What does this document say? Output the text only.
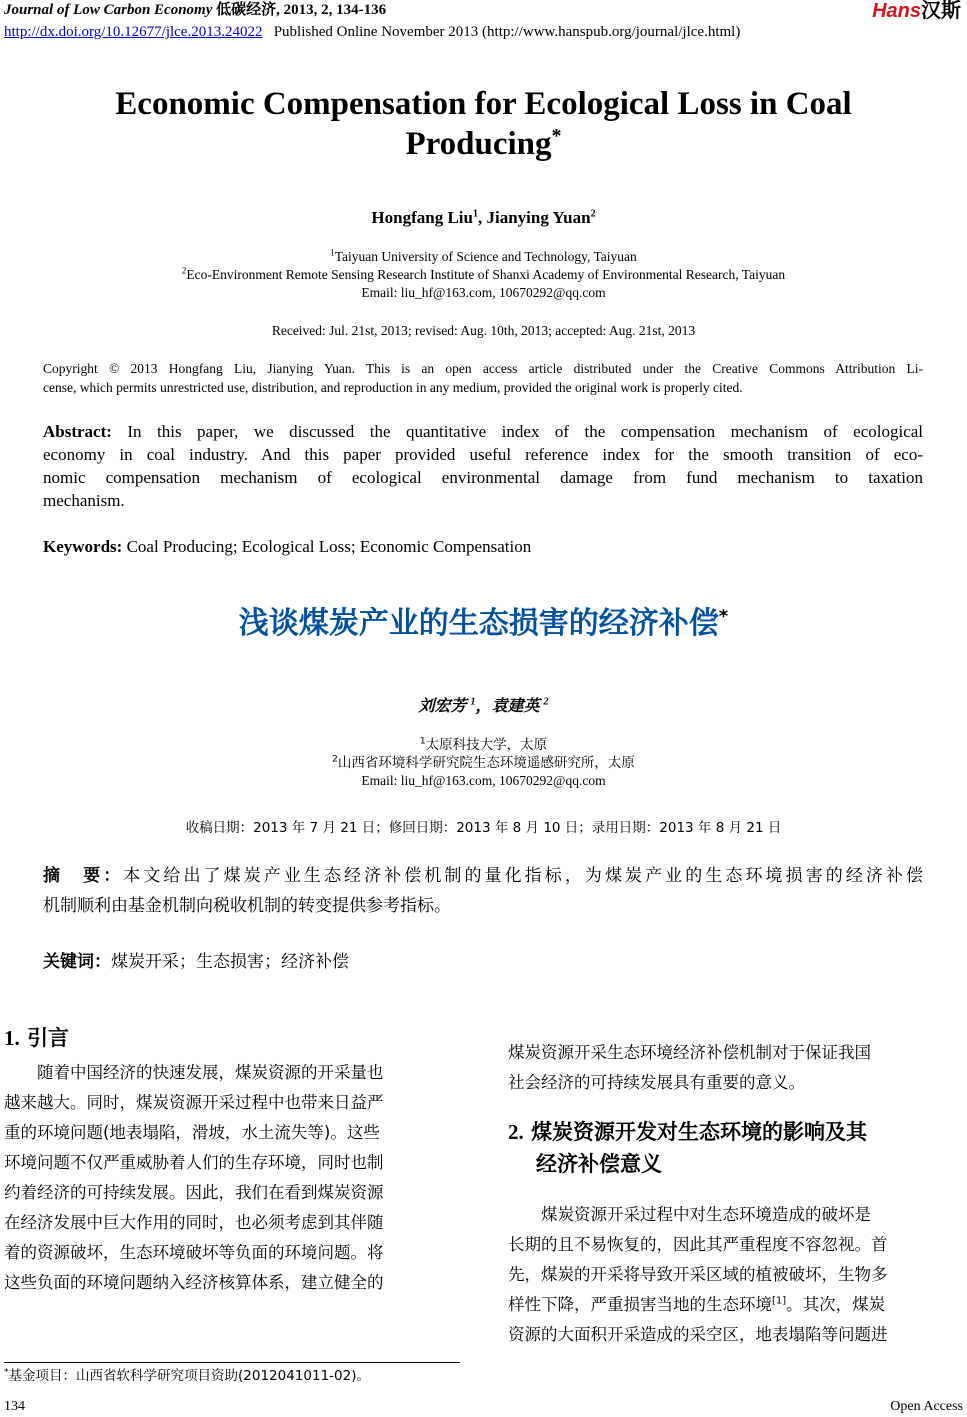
Journal of Low Carbon Economy 低碳经济, 2013, 2, 134-136	Hans汉斯
http://dx.doi.org/10.12677/jlce.2013.24022 Published Online November 2013 (http://www.hanspub.org/journal/jlce.html)
Economic Compensation for Ecological Loss in Coal
Producing*
Hongfang Liu$^1$, Jianying Yuan$^2$
$^1$Taiyuan University of Science and Technology, Taiyuan
$^2$Eco-Environment Remote Sensing Research Institute of Shanxi Academy of Environmental Research, Taiyuan
Email: liu_hf@163.com, 10670292@qq.com
Received: Jul. 21st, 2013; revised: Aug. 10th, 2013; accepted: Aug. 21st, 2013
Copyright © 2013 Hongfang Liu, Jianying Yuan. This is an open access article distributed under the Creative Commons Attribution Li-
cense, which permits unrestricted use, distribution, and reproduction in any medium, provided the original work is properly cited.
Abstract: In this paper, we discussed the quantitative index of the compensation mechanism of ecological
economy in coal industry. And this paper provided useful reference index for the smooth transition of eco-
nomic compensation mechanism of ecological environmental damage from fund mechanism to taxation
mechanism.
Keywords: Coal Producing; Ecological Loss; Economic Compensation
浅谈煤炭产业的生态损害的经济补偿*
刘宏芳 $^1$，袁建英 $^2$
$^1$太原科技大学，太原
$^2$山西省环境科学研究院生态环境遥感研究所，太原
Email: liu_hf@163.com, 10670292@qq.com
收稿日期：2013 年 7 月 21 日；修回日期：2013 年 8 月 10 日；录用日期：2013 年 8 月 21 日
摘　要：本文给出了煤炭产业生态经济补偿机制的量化指标，为煤炭产业的生态环境损害的经济补偿
机制顺利由基金机制向税收机制的转变提供参考指标。
关键词：煤炭开采；生态损害；经济补偿
1. 引言
　　随着中国经济的快速发展，煤炭资源的开采量也
越来越大。同时，煤炭资源开采过程中也带来日益严
重的环境问题(地表塌陷，滑坡，水土流失等)。这些
环境问题不仅严重威胁着人们的生存环境，同时也制
约着经济的可持续发展。因此，我们在看到煤炭资源
在经济发展中巨大作用的同时，也必须考虑到其伴随
着的资源破坏，生态环境破坏等负面的环境问题。将
这些负面的环境问题纳入经济核算体系，建立健全的
*基金项目：山西省软科学研究项目资助(2012041011-02)。
煤炭资源开采生态环境经济补偿机制对于保证我国
社会经济的可持续发展具有重要的意义。
2. 煤炭资源开发对生态环境的影响及其
经济补偿意义
　　煤炭资源开采过程中对生态环境造成的破坏是
长期的且不易恢复的，因此其严重程度不容忽视。首
先，煤炭的开采将导致开采区域的植被破坏，生物多
样性下降，严重损害当地的生态环境[1]。其次，煤炭
资源的大面积开采造成的采空区，地表塌陷等问题进
134	Open Access
